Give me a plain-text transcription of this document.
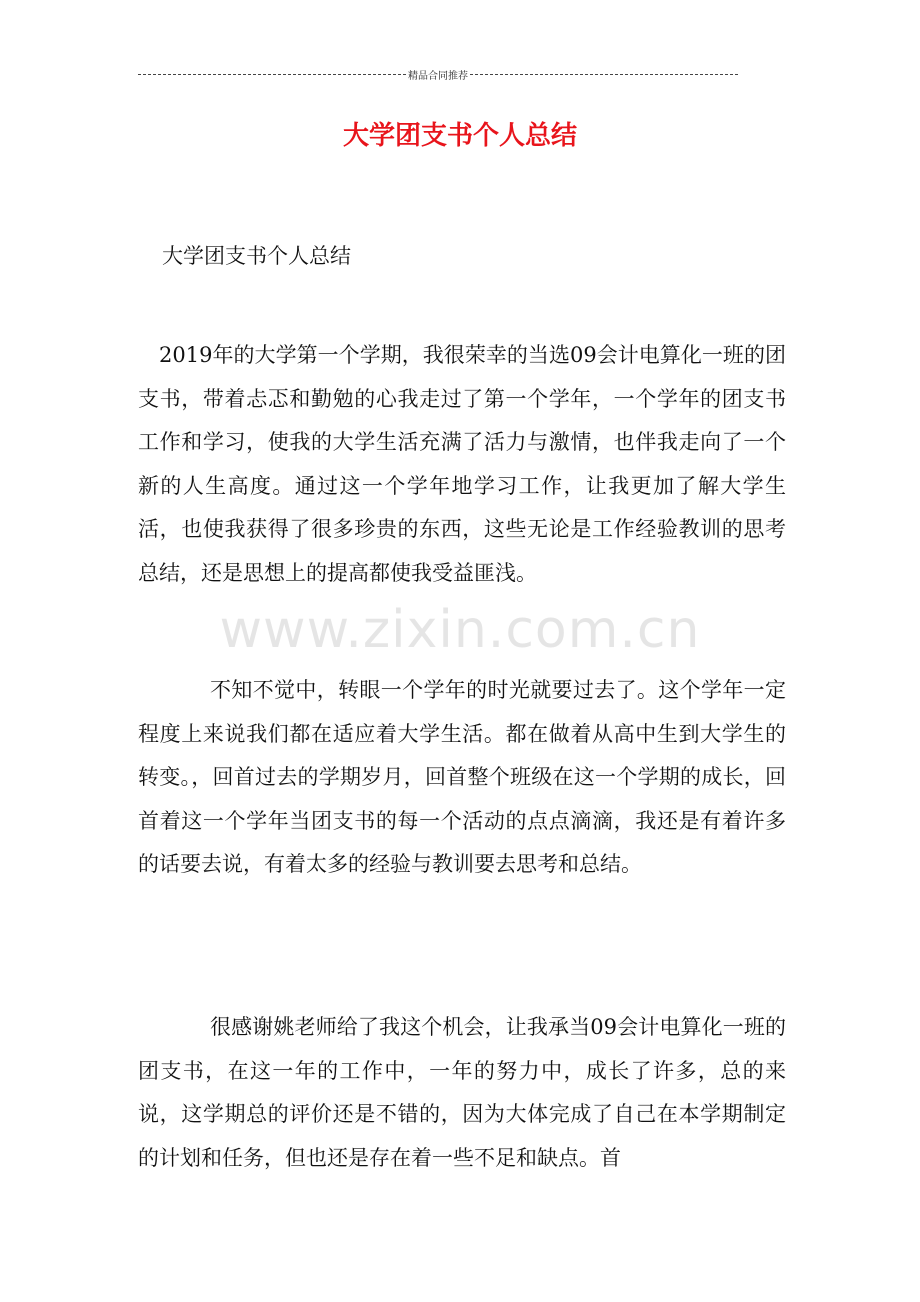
精品合同推荐
大学团支书个人总结

大学团支书个人总结

2019年的大学第一个学期，我很荣幸的当选09会计电算化一班的团支书，带着忐忑和勤勉的心我走过了第一个学年，一个学年的团支书工作和学习，使我的大学生活充满了活力与激情，也伴我走向了一个新的人生高度。通过这一个学年地学习工作，让我更加了解大学生活，也使我获得了很多珍贵的东西，这些无论是工作经验教训的思考总结，还是思想上的提高都使我受益匪浅。

www.zixin.com.cn

不知不觉中，转眼一个学年的时光就要过去了。这个学年一定程度上来说我们都在适应着大学生活。都在做着从高中生到大学生的转变。，回首过去的学期岁月，回首整个班级在这一个学期的成长，回首着这一个学年当团支书的每一个活动的点点滴滴，我还是有着许多的话要去说，有着太多的经验与教训要去思考和总结。

很感谢姚老师给了我这个机会，让我承当09会计电算化一班的团支书，在这一年的工作中，一年的努力中，成长了许多，总的来说，这学期总的评价还是不错的，因为大体完成了自己在本学期制定的计划和任务，但也还是存在着一些不足和缺点。首
